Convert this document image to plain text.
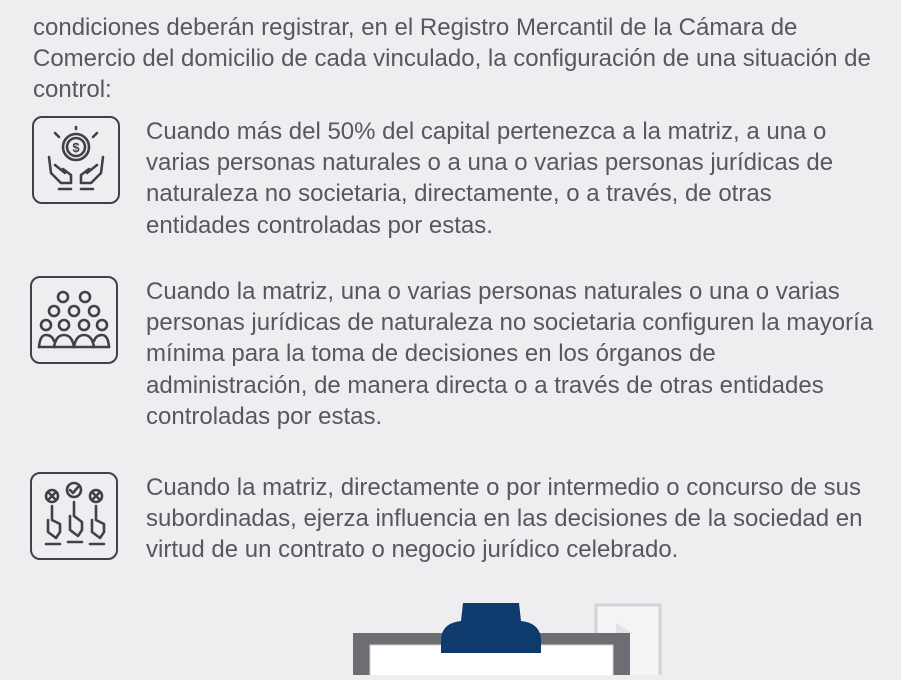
condiciones deberán registrar, en el Registro Mercantil de la Cámara de Comercio del domicilio de cada vinculado, la configuración de una situación de control:

$
Cuando más del 50% del capital pertenezca a la matriz, a una o varias personas naturales o a una o varias personas jurídicas de naturaleza no societaria, directamente, o a través, de otras entidades controladas por estas.
Cuando la matriz, una o varias personas naturales o una o varias personas jurídicas de naturaleza no societaria configuren la mayoría mínima para la toma de decisiones en los órganos de administración, de manera directa o a través de otras entidades controladas por estas.
Cuando la matriz, directamente o por intermedio o concurso de sus subordinadas, ejerza influencia en las decisiones de la sociedad en virtud de un contrato o negocio jurídico celebrado.
